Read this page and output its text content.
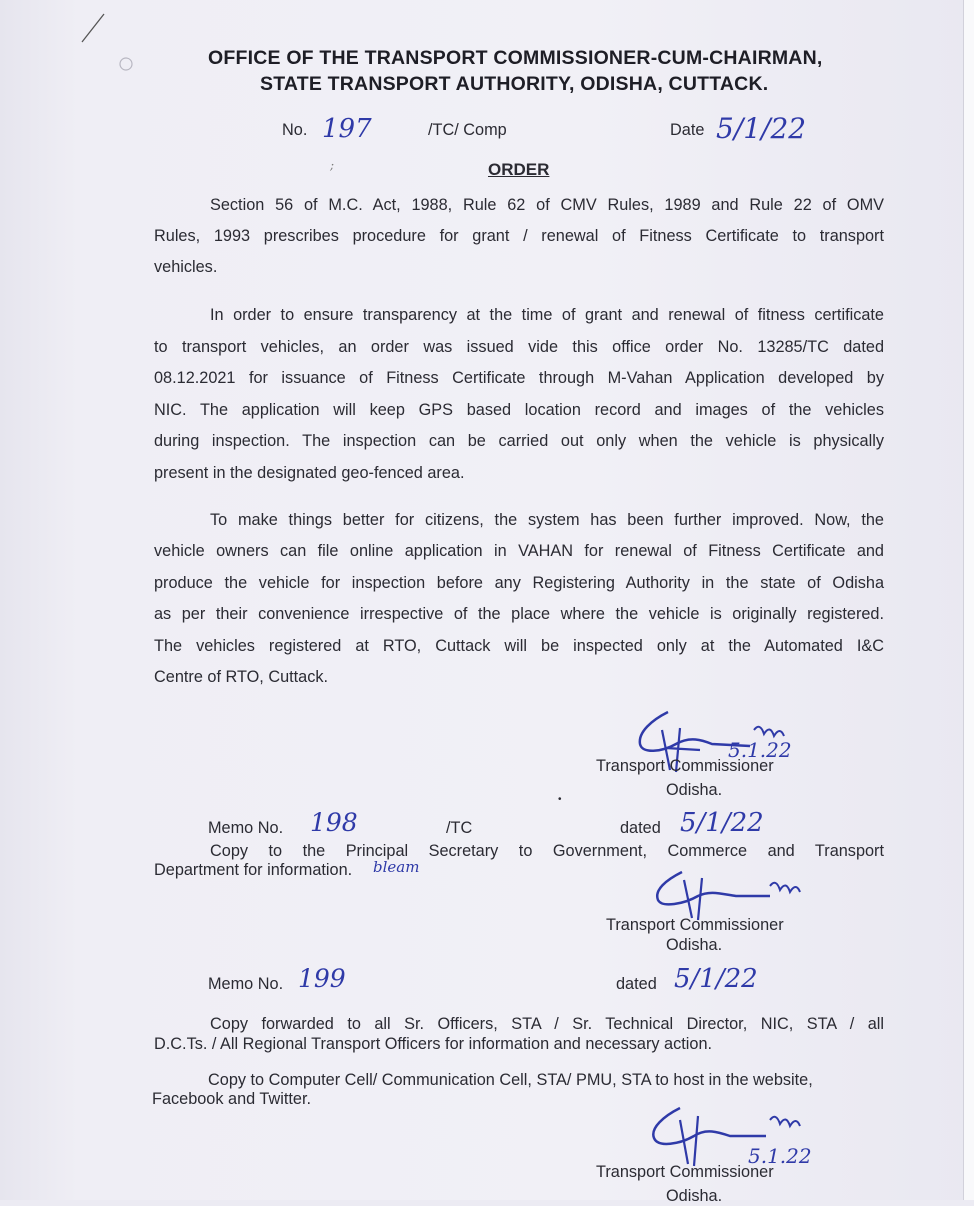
OFFICE OF THE TRANSPORT COMMISSIONER-CUM-CHAIRMAN,
STATE TRANSPORT AUTHORITY, ODISHA, CUTTACK.
No. 197	/TC/ Comp	Date 5/1/22
;	ORDER
Section 56 of M.C. Act, 1988, Rule 62 of CMV Rules, 1989 and Rule 22 of OMV
Rules, 1993 prescribes procedure for grant / renewal of Fitness Certificate to transport
vehicles.
In order to ensure transparency at the time of grant and renewal of fitness certificate
to transport vehicles, an order was issued vide this office order No. 13285/TC dated
08.12.2021 for issuance of Fitness Certificate through M-Vahan Application developed by
NIC. The application will keep GPS based location record and images of the vehicles
during inspection. The inspection can be carried out only when the vehicle is physically
present in the designated geo-fenced area.
To make things better for citizens, the system has been further improved. Now, the
vehicle owners can file online application in VAHAN for renewal of Fitness Certificate and
produce the vehicle for inspection before any Registering Authority in the state of Odisha
as per their convenience irrespective of the place where the vehicle is originally registered.
The vehicles registered at RTO, Cuttack will be inspected only at the Automated I&C
Centre of RTO, Cuttack.
5.1.22
Transport Commissioner
Odisha.
•
Memo No. 198	/TC	dated 5/1/22
Copy to the Principal Secretary to Government, Commerce and Transport
Department for information. bleam
Transport Commissioner
Odisha.
Memo No. 199	dated 5/1/22
Copy forwarded to all Sr. Officers, STA / Sr. Technical Director, NIC, STA / all
D.C.Ts. / All Regional Transport Officers for information and necessary action.
Copy to Computer Cell/ Communication Cell, STA/ PMU, STA to host in the website,
Facebook and Twitter.
5.1.22
Transport Commissioner
Odisha.
